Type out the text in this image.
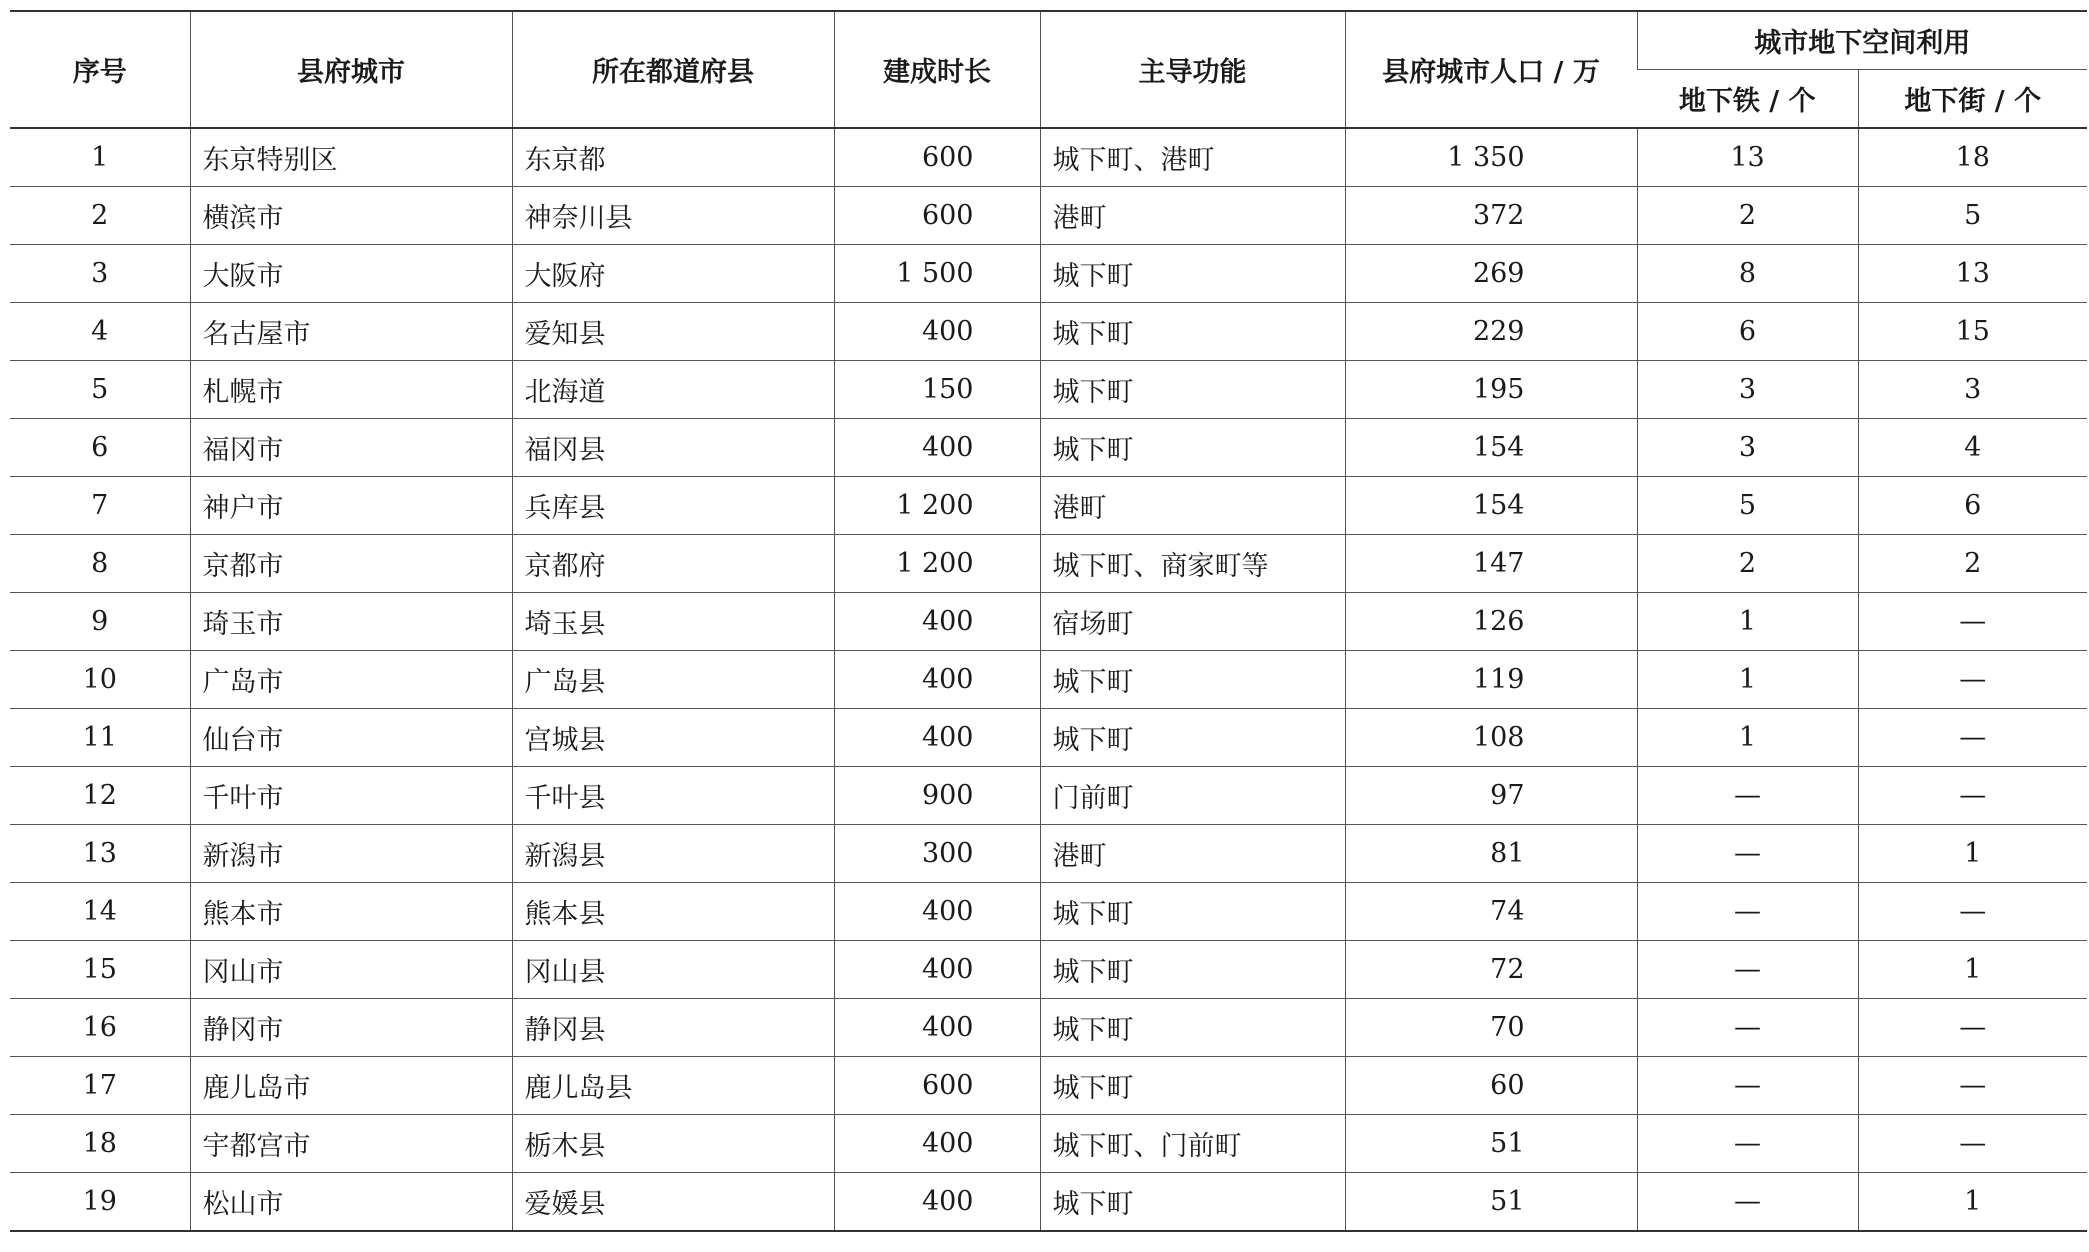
序号	县府城市	所在都道府县	建成时长	主导功能	县府城市人口 / 万	城市地下空间利用	
						地下铁 / 个	地下街 / 个
1	东京特别区	东京都	600	城下町、港町	1 350	13	18
2	横滨市	神奈川县	600	港町	372	2	5
3	大阪市	大阪府	1 500	城下町	269	8	13
4	名古屋市	爱知县	400	城下町	229	6	15
5	札幌市	北海道	150	城下町	195	3	3
6	福冈市	福冈县	400	城下町	154	3	4
7	神户市	兵库县	1 200	港町	154	5	6
8	京都市	京都府	1 200	城下町、商家町等	147	2	2
9	琦玉市	埼玉县	400	宿场町	126	1	—
10	广岛市	广岛县	400	城下町	119	1	—
11	仙台市	宫城县	400	城下町	108	1	—
12	千叶市	千叶县	900	门前町	97	—	—
13	新潟市	新潟县	300	港町	81	—	1
14	熊本市	熊本县	400	城下町	74	—	—
15	冈山市	冈山县	400	城下町	72	—	1
16	静冈市	静冈县	400	城下町	70	—	—
17	鹿儿岛市	鹿儿岛县	600	城下町	60	—	—
18	宇都宫市	栃木县	400	城下町、门前町	51	—	—
19	松山市	爱媛县	400	城下町	51	—	1
